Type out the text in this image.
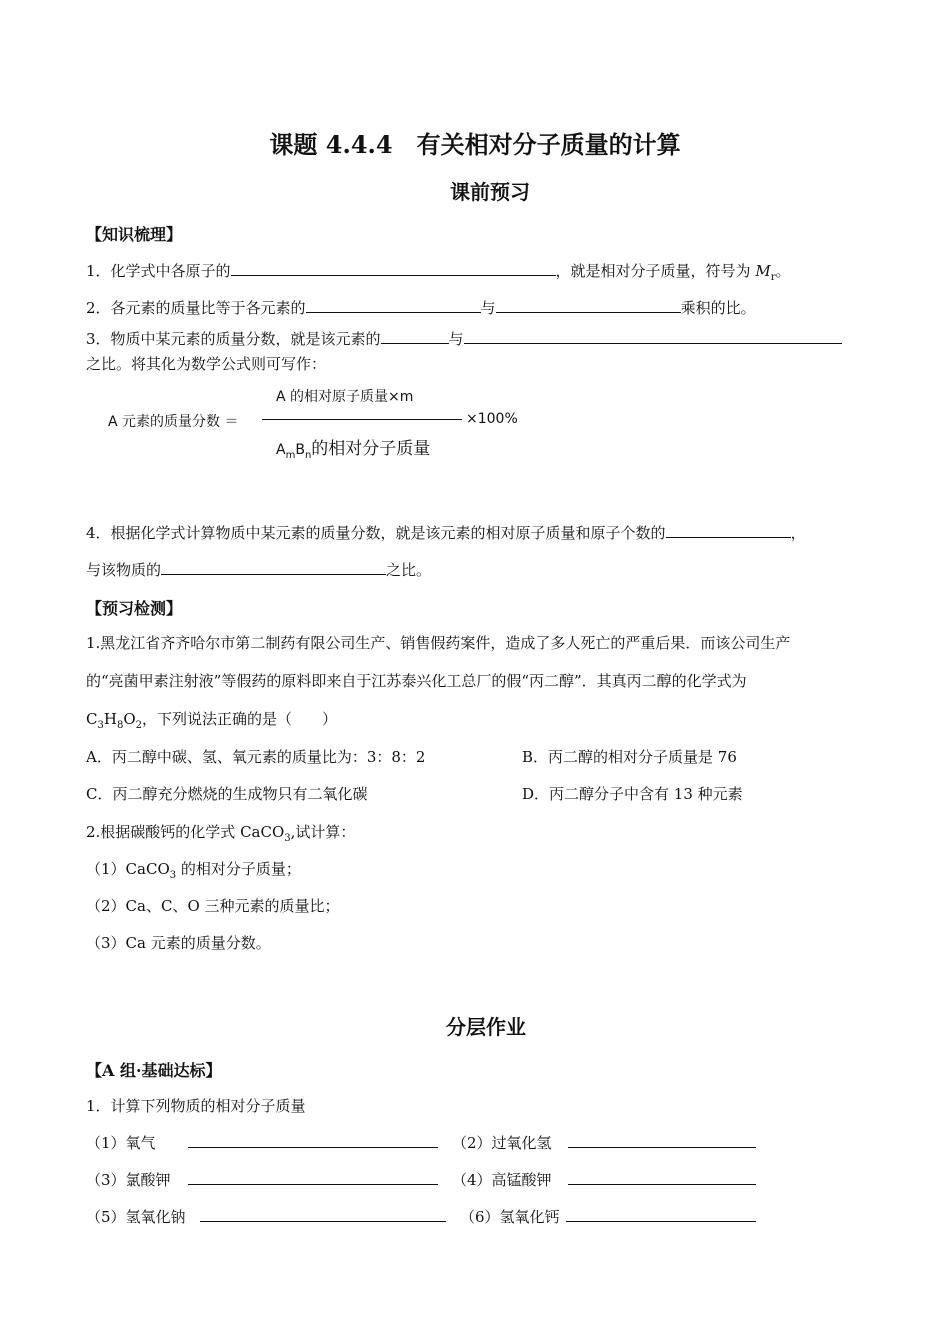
课题 4.4.4　有关相对分子质量的计算
课前预习
【知识梳理】
1．化学式中各原子的	，就是相对分子质量，符号为 $M_r$。
2．各元素的质量比等于各元素的	与	乘积的比。
3．物质中某元素的质量分数，就是该元素的	与
之比。将其化为数学公式则可写作：
A 元素的质量分数 ＝
A 的相对原子质量×m
×100%
$A_mB_n$的相对分子质量
4．根据化学式计算物质中某元素的质量分数，就是该元素的相对原子质量和原子个数的	，
与该物质的	之比。
【预习检测】
1.黑龙江省齐齐哈尔市第二制药有限公司生产、销售假药案件，造成了多人死亡的严重后果．而该公司生产
的“亮菌甲素注射液”等假药的原料即来自于江苏泰兴化工总厂的假“丙二醇”．其真丙二醇的化学式为
$C_3H_8O_2$，下列说法正确的是（　　）
A．丙二醇中碳、氢、氧元素的质量比为：3：8：2	B．丙二醇的相对分子质量是 76
C．丙二醇充分燃烧的生成物只有二氧化碳	D．丙二醇分子中含有 13 种元素
2.根据碳酸钙的化学式 CaCO$_3$,试计算：
（1）CaCO$_3$ 的相对分子质量；
（2）Ca、C、O 三种元素的质量比；
（3）Ca 元素的质量分数。
分层作业
【A 组·基础达标】
1．计算下列物质的相对分子质量
（1）氧气	（2）过氧化氢
（3）氯酸钾	（4）高锰酸钾
（5）氢氧化钠	（6）氢氧化钙
